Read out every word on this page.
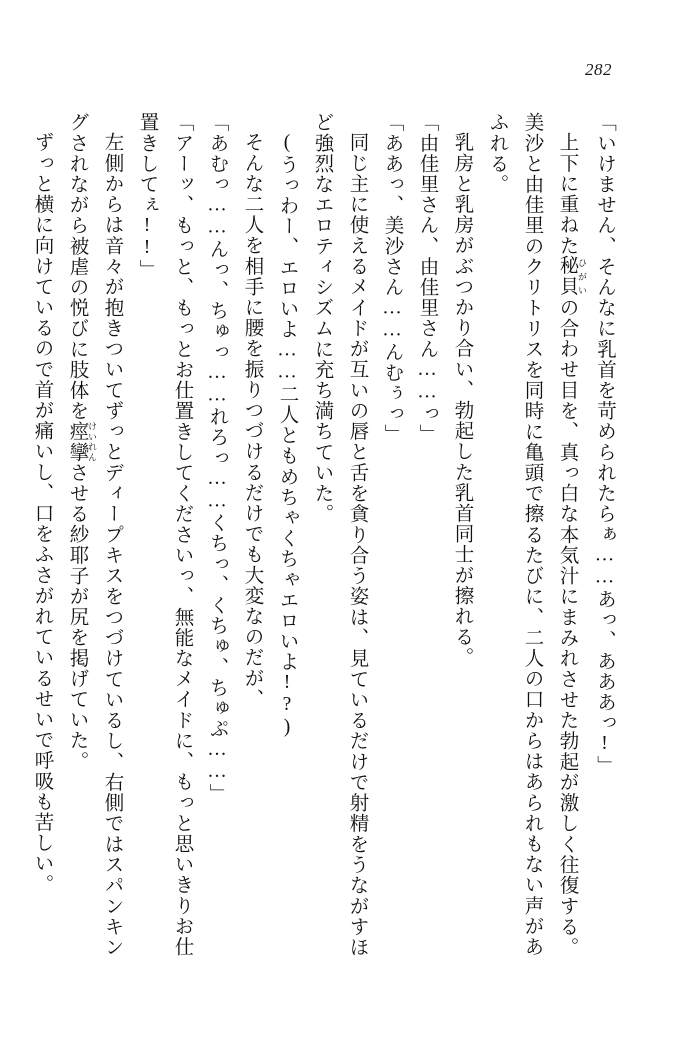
282

「いけません、そんなに乳首を苛められたらぁ……あっ、あああっ!」

上下に重ねた秘貝 ひがいの合わせ目を、真っ白な本気汁にまみれさせた勃起が激しく往復する。美沙と由佳里のクリトリスを同時に亀頭で擦るたびに、二人の口からはあられもない声があふれる。

乳房と乳房がぶつかり合い、勃起した乳首同士が擦れる。

「由佳里さん、由佳里さん……っ」

「ああっ、美沙さん……んむぅっ」

同じ主に使えるメイドが互いの唇と舌を貪り合う姿は、見ているだけで射精をうながすほど強烈なエロティシズムに充ち満ちていた。

(うっわー、エロいよ……二人ともめちゃくちゃエロいよ!?)

そんな二人を相手に腰を振りつづけるだけでも大変なのだが、

「あむっ……んっ、ちゅっ……れろっ……くちっ、くちゅ、ちゅぷ……」

「アーッ、もっと、もっとお仕置きしてくださいっ、無能なメイドに、もっと思いきりお仕置きしてぇ!!」

左側からは音々が抱きついてずっとディープキスをつづけているし、右側ではスパンキングされながら被虐の悦びに肢体を痙攣 けいれんさせる紗耶子が尻を掲げていた。

ずっと横に向けているので首が痛いし、口をふさがれているせいで呼吸も苦しい。
